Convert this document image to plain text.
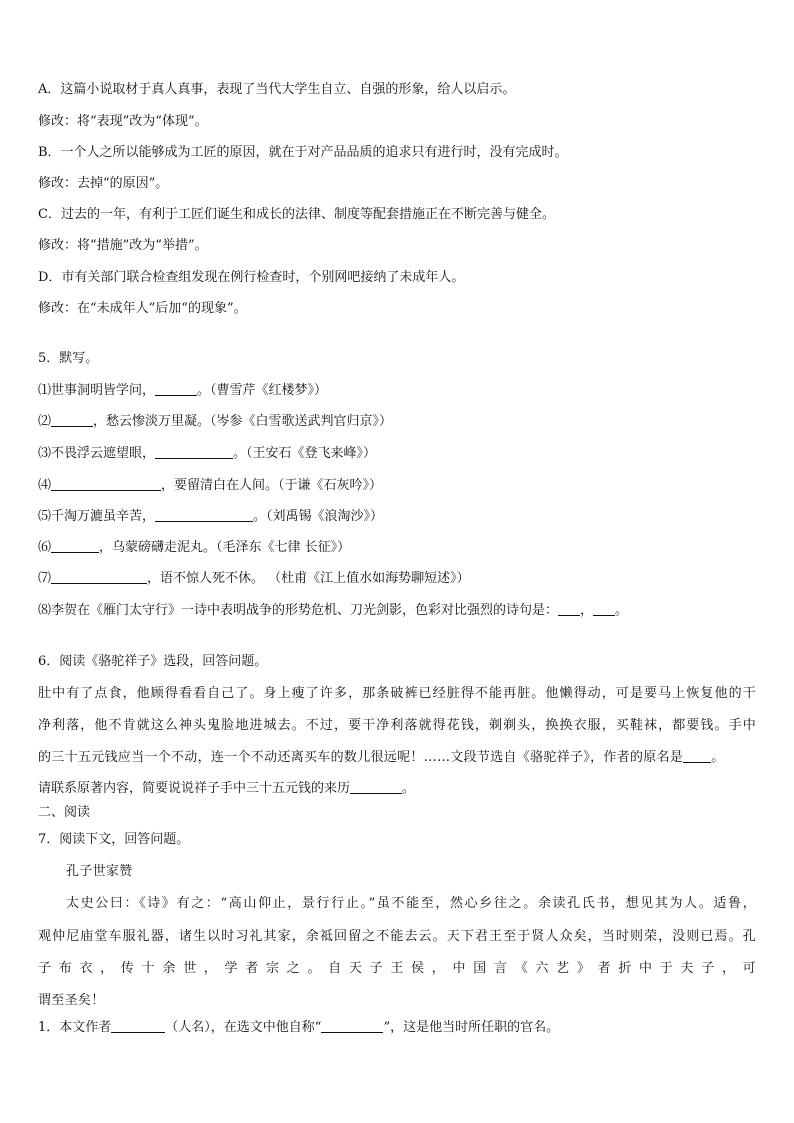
A．这篇小说取材于真人真事，表现了当代大学生自立、自强的形象，给人以启示。
修改：将“表现”改为“体现”。
B．一个人之所以能够成为工匠的原因，就在于对产品品质的追求只有进行时，没有完成时。
修改：去掉“的原因”。
C．过去的一年，有利于工匠们诞生和成长的法律、制度等配套措施正在不断完善与健全。
修改：将“措施”改为“举措”。
D．市有关部门联合检查组发现在例行检查时，个别网吧接纳了未成年人。
修改：在“未成年人”后加“的现象”。
5．默写。
⑴世事洞明皆学问，	。（曹雪芹《红楼梦》）
⑵	，愁云惨淡万里凝。（岑参《白雪歌送武判官归京》）
⑶不畏浮云遮望眼，	。（王安石《登飞来峰》）
⑷	，要留清白在人间。（于谦《石灰吟》）
⑸千淘万漉虽辛苦，	。（刘禹锡《浪淘沙》）
⑹	，乌蒙磅礴走泥丸。（毛泽东《七律 长征》）
⑺	，语不惊人死不休。 （杜甫《江上值水如海势聊短述》）
⑻李贺在《雁门太守行》一诗中表明战争的形势危机、刀光剑影，色彩对比强烈的诗句是： ， 。
6．阅读《骆驼祥子》选段，回答问题。
肚中有了点食，他顾得看看自己了。身上瘦了许多，那条破裤已经脏得不能再脏。他懒得动，可是要马上恢复他的干
净利落，他不肯就这么神头鬼脸地进城去。不过，要干净利落就得花钱，剃剃头，换换衣服，买鞋袜，都要钱。手中
的三十五元钱应当一个不动，连一个不动还离买车的数儿很远呢！……文段节选自《骆驼祥子》，作者的原名是 。
请联系原著内容，简要说说祥子手中三十五元钱的来历	。
二、阅读
7．阅读下文，回答问题。
孔子世家赞
太史公曰：《诗》有之：“高山仰止，景行行止。”虽不能至，然心乡往之。余读孔氏书，想见其为人。适鲁，
观仲尼庙堂车服礼器，诸生以时习礼其家，余祗回留之不能去云。天下君王至于贤人众矣，当时则荣，没则已焉。孔
子布衣，传十余世，学者宗之。自天子王侯，中国言《六艺》者折中于夫子，可
谓至圣矣！
1．本文作者	（人名），在选文中他自称“	”，这是他当时所任职的官名。
